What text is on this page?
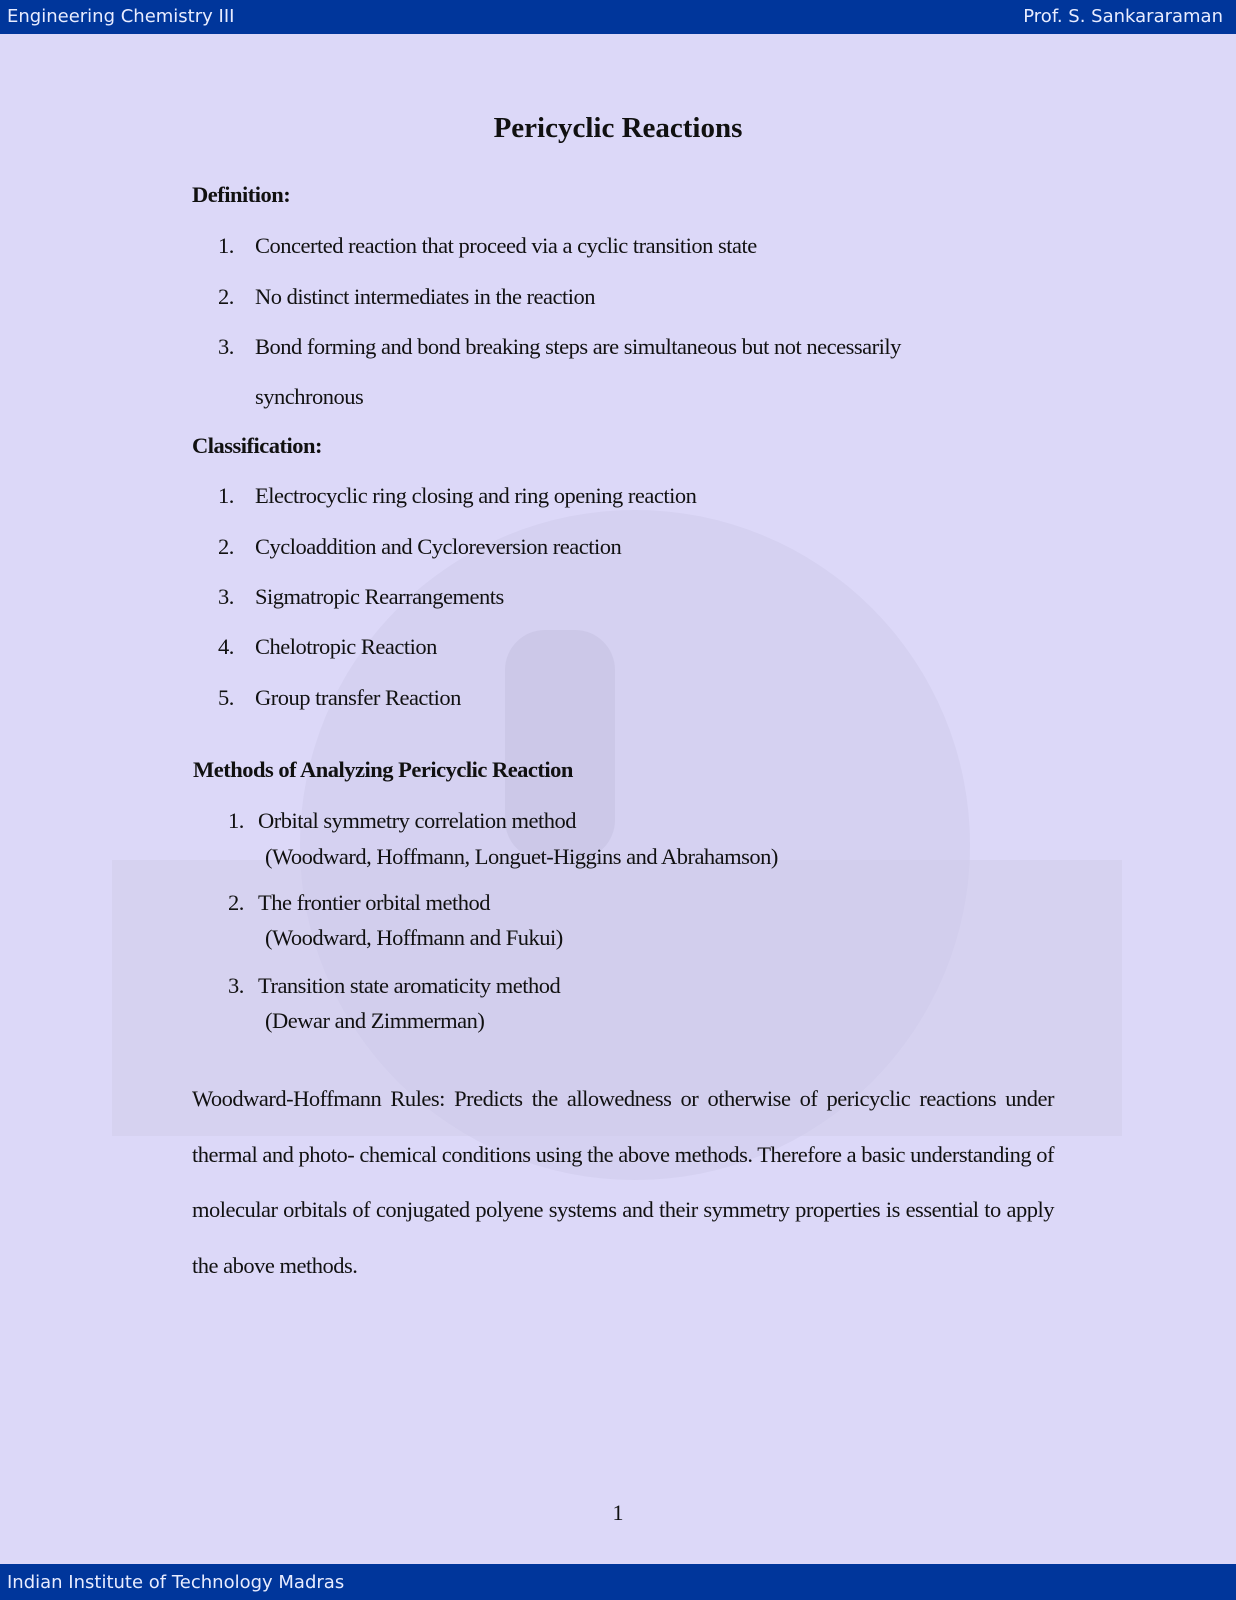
Engineering Chemistry III	Prof. S. Sankararaman
Pericyclic Reactions
Definition:
1. Concerted reaction that proceed via a cyclic transition state
2. No distinct intermediates in the reaction
3. Bond forming and bond breaking steps are simultaneous but not necessarily
synchronous
Classification:
1. Electrocyclic ring closing and ring opening reaction
2. Cycloaddition and Cycloreversion reaction
3. Sigmatropic Rearrangements
4. Chelotropic Reaction
5. Group transfer Reaction
Methods of Analyzing Pericyclic Reaction
1. Orbital symmetry correlation method
(Woodward, Hoffmann, Longuet-Higgins and Abrahamson)
2. The frontier orbital method
(Woodward, Hoffmann and Fukui)
3. Transition state aromaticity method
(Dewar and Zimmerman)
Woodward-Hoffmann Rules: Predicts the allowedness or otherwise of pericyclic reactions under thermal and photo- chemical conditions using the above methods. Therefore a basic understanding of molecular orbitals of conjugated polyene systems and their symmetry properties is essential to apply the above methods.
1
Indian Institute of Technology Madras
